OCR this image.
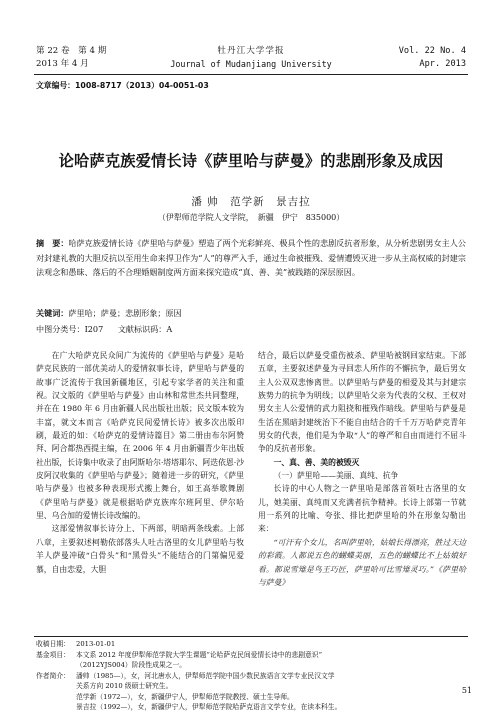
第 22 卷　第 4 期
2013 年 4 月
牡丹江大学学报
Journal of Mudanjiang University
Vol. 22 No. 4
Apr. 2013
文章编号：1008-8717（2013）04-0051-03
论哈萨克族爱情长诗《萨里哈与萨曼》的悲剧形象及成因
潘 帅　范学新　景吉拉
（伊犁师范学院人文学院，　新疆　伊宁　835000）
摘　要：哈萨克族爱情长诗《萨里哈与萨曼》塑造了两个光彩鲜亮、极具个性的悲剧反抗者形象，从分析悲剧男女主人公对封建礼教的大胆反抗以至用生命来捍卫作为“人”的尊严入手，通过生命被摧残、爱情遭毁灭进一步从主高权威的封建宗法观念和愚昧、落后的不合理婚姻制度两方面来探究造成“真、善、美”被践踏的深层原因。
关键词：萨里哈；萨曼；悲剧形象；原因
中图分类号：I207 文献标识码：A

在广大哈萨克民众间广为流传的《萨里哈与萨曼》是哈萨克民族的一部优美动人的爱情叙事长诗，萨里哈与萨曼的故事广泛流传于我国新疆地区，引起专家学者的关注和重视。汉文版的《萨里哈与萨曼》由山林和常世杰共同整理，并在在 1980 年 6 月由新疆人民出版社出版；民文版本较为丰富，就文本而言《哈萨克民间爱情长诗》被多次出版印刷，最近的如：《哈萨克的爱情诗篇目》第二册由布尔阿赞拜、阿合都热西提主编，在 2006 年 4 月由新疆青少年出版社出版，长诗集中收录了由阿斯哈尔·塔塔耶尔、阿迭依恩·沙皮阿汉收集的《萨里哈与萨曼》；随着进一步的研究，《萨里哈与萨曼》也被多种表现形式搬上舞台，如王高举歌舞剧《萨里哈与萨曼》就是根据哈萨克族库尔班阿里、伊尔哈里、乌合加的爱情长诗改编的。

这部爱情叙事长诗分上、下两部，明暗两条线索。上部八章，主要叙述柯勒依部落头人吐古洛里的女儿萨里哈与牧羊人萨曼冲破“白骨头”和“黑骨头”不能结合的门第偏见爱慕，自由恋爱，大胆

结合，最后以萨曼受重伤被杀、萨里哈被钢回家结束。下部五章，主要叙述萨曼为寻回恋人所作的不懈抗争，最后男女主人公双双悲惨离世。以萨里哈与萨曼的相爱及其与封建宗族势力的抗争为明线；以萨里哈父亲为代表的父权、王权对男女主人公爱情的武力阻挠和摧残作暗线。萨里哈与萨曼是生活在黑暗封建统治下不能自由结合的千千万万哈萨克青年男女的代表，他们是为争取“人”的尊严和自由而进行不屈斗争的反抗者形象。

一、真、善、美的被毁灭

（一）萨里哈——美丽、真纯、抗争

长诗的中心人物之一萨里哈是部落首领吐古洛里的女儿，她美丽、真纯而又充满者抗争精神。长诗上部第一节就用一系列的比喻、夸张、排比把萨里哈的外在形象勾勒出来：

“可汗有个女儿，名叫萨里哈，姑娘长得漂亮，胜过天边的彩霞。人都说五色的蝴蝶美丽，五色的蝴蝶比不上姑娘好看。都说雪雉是鸟王巧匠，萨里哈可比雪雉灵巧。”《萨里哈与萨曼》

收稿日期： 2013-01-01
基金项目： 本文系 2012 年度伊犁师范学院大学生课题“论哈萨克民间爱情长诗中的悲剧意识”
（2012YJS004）阶段性成果之一。
作者简介： 潘帅（1985—），女，河北唐水人，伊犁师范学院中国少数民族语言文学专业民汉文学
关系方向 2010 级硕士研究生。
范学新（1972—），女，新疆伊宁人，伊犁师范学院教授、硕士生导师。
景吉拉（1992—），女，新疆伊宁人，伊犁师范学院哈萨克语言文学专业，在读本科生。
51
